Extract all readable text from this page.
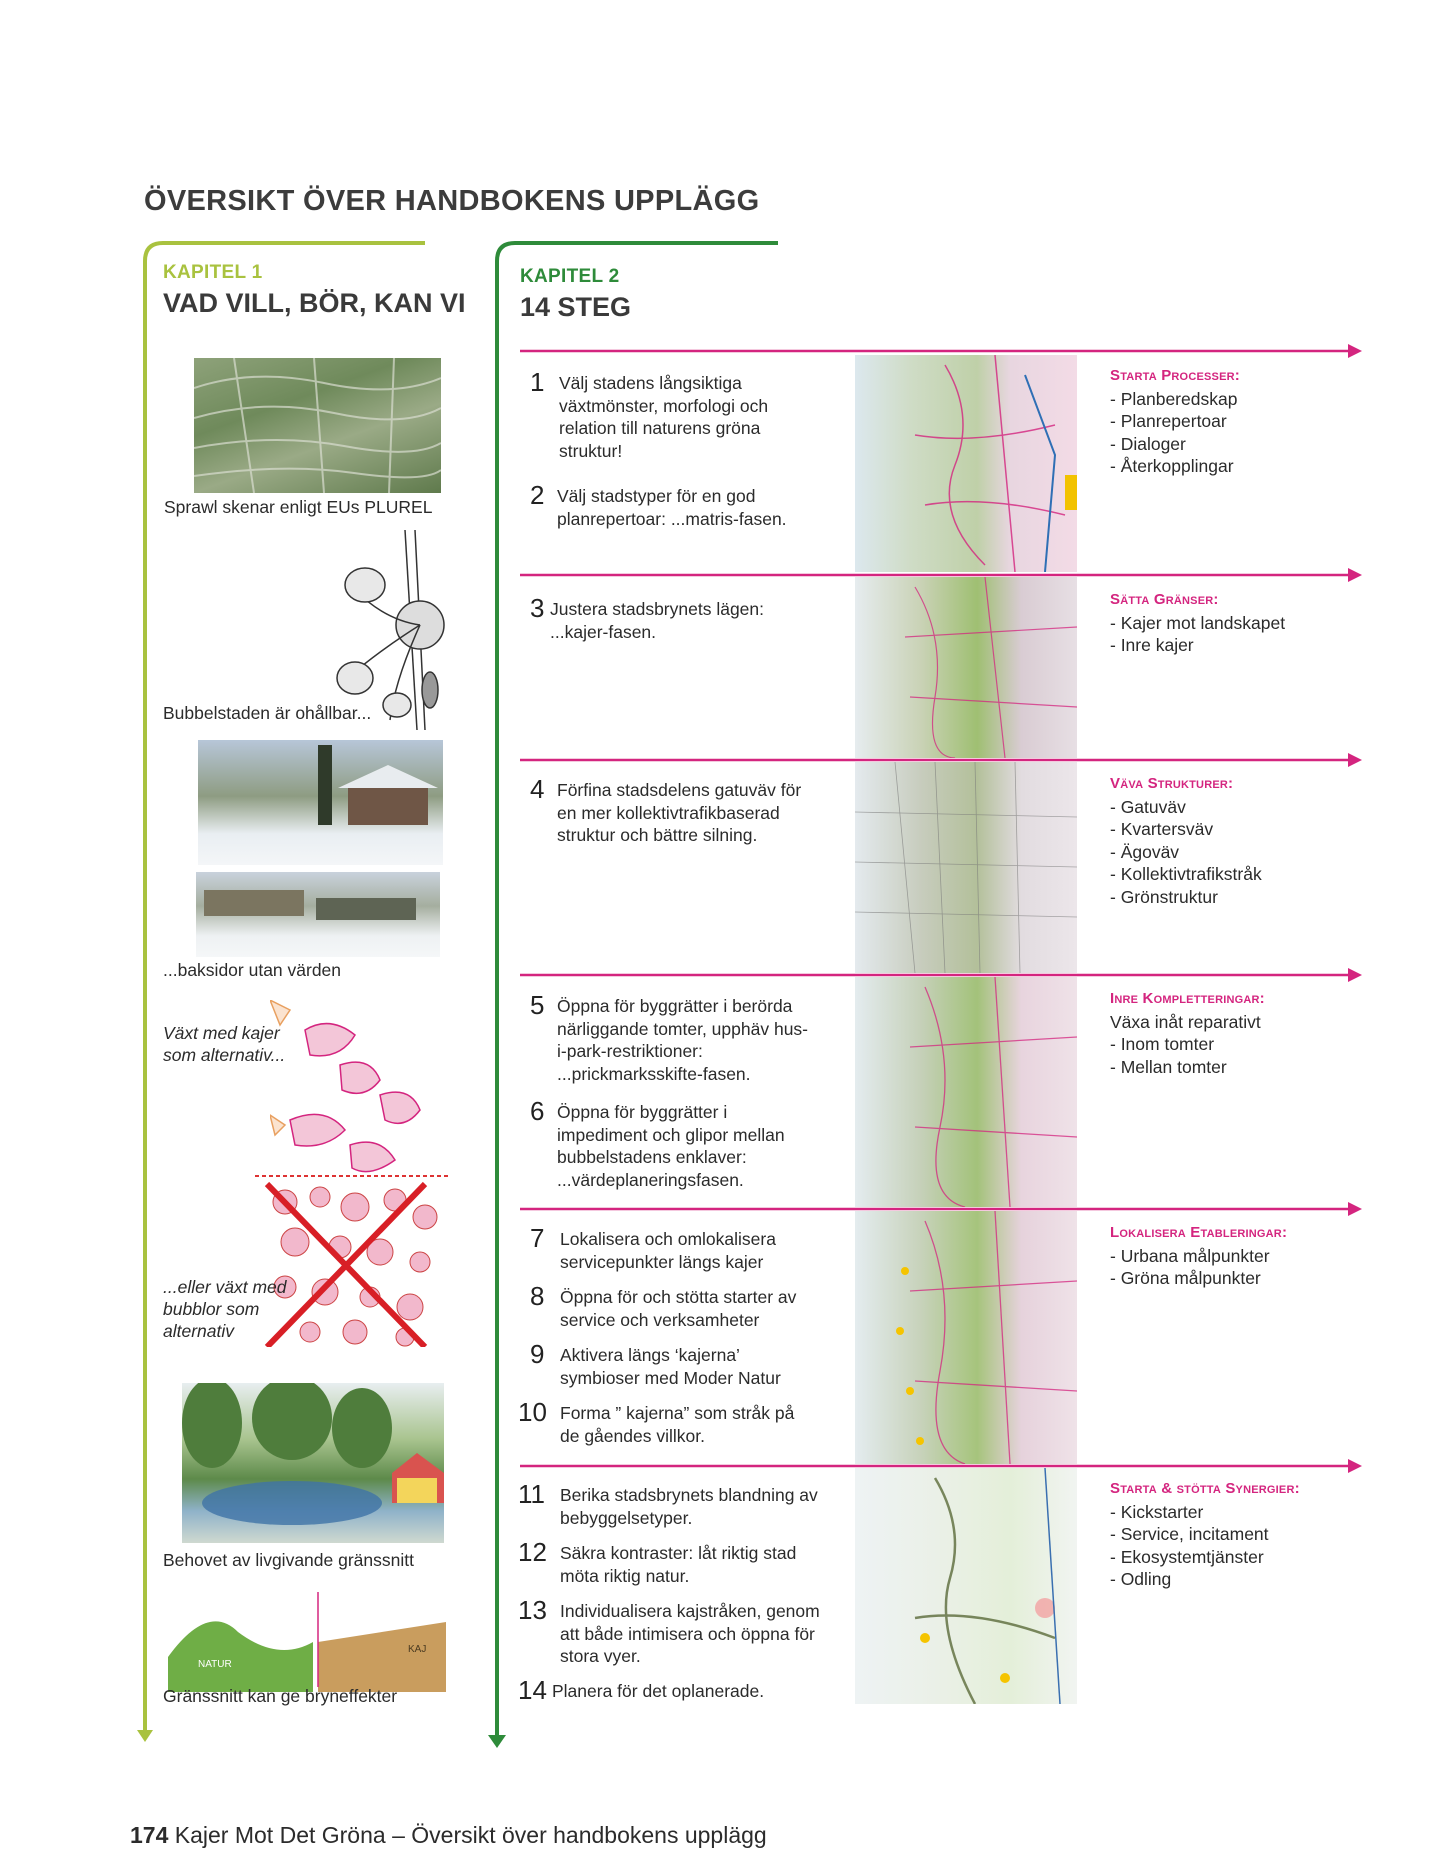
ÖVERSIKT ÖVER HANDBOKENS UPPLÄGG
KAPITEL 1
VAD VILL, BÖR, KAN VI
KAPITEL 2
14 STEG
Sprawl skenar enligt EUs PLUREL
Bubbelstaden är ohållbar...
...baksidor utan värden
Växt med kajer som alternativ...
...eller växt med bubblor som alternativ
Behovet av livgivande gränssnitt
NATUR
KAJ
Gränssnitt kan ge bryneffekter
1 Välj stadens långsiktiga växtmönster, morfologi och relation till naturens gröna struktur!
2 Välj stadstyper för en god planrepertoar: ...matris-fasen.
3 Justera stadsbrynets lägen: ...kajer-fasen.
4 Förfina stadsdelens gatuväv för en mer kollektivtrafikbaserad struktur och bättre silning.
5 Öppna för byggrätter i berörda närliggande tomter, upphäv hus-i-park-restriktioner: ...prickmarksskifte-fasen.
6 Öppna för byggrätter i impediment och glipor mellan bubbelstadens enklaver: ...värdeplaneringsfasen.
7 Lokalisera och omlokalisera servicepunkter längs kajer
8 Öppna för och stötta starter av service och verksamheter
9 Aktivera längs ‘kajerna’ symbioser med Moder Natur
10 Forma ” kajerna” som stråk på de gåendes villkor.
11 Berika stadsbrynets blandning av bebyggelsetyper.
12 Säkra kontraster: låt riktig stad möta riktig natur.
13 Individualisera kajstråken, genom att både intimisera och öppna för stora vyer.
14 Planera för det oplanerade.
Starta Processer:
- Planberedskap
- Planrepertoar
- Dialoger
- Återkopplingar
Sätta Gränser:
- Kajer mot landskapet
- Inre kajer
Väva Strukturer:
- Gatuväv
- Kvartersväv
- Ägoväv
- Kollektivtrafikstråk
- Grönstruktur
Inre Kompletteringar:
Växa inåt reparativt
- Inom tomter
- Mellan tomter
Lokalisera Etableringar:
- Urbana målpunkter
- Gröna målpunkter
Starta & stötta Synergier:
- Kickstarter
- Service, incitament
- Ekosystemtjänster
- Odling
174 Kajer Mot Det Gröna – Översikt över handbokens upplägg
